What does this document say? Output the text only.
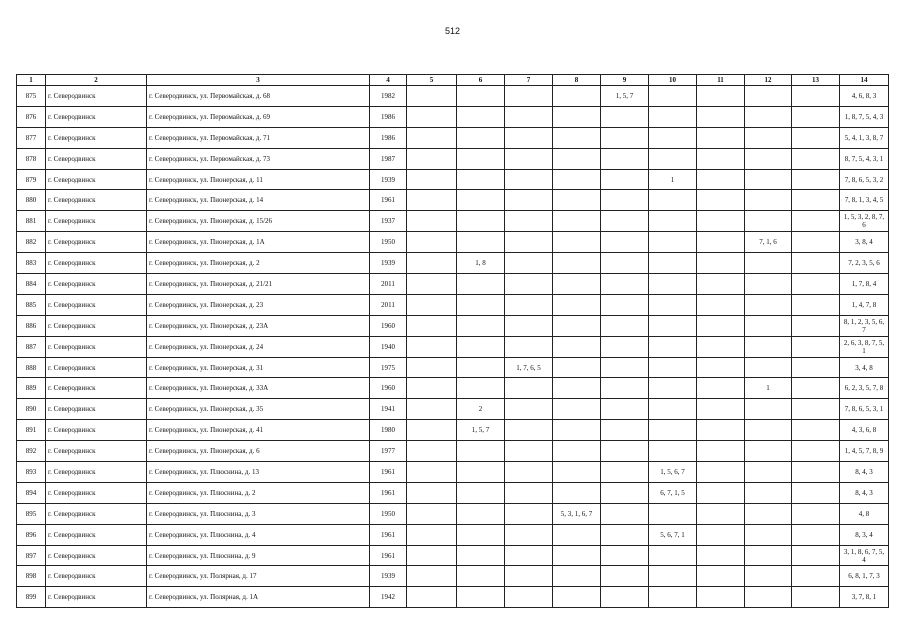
512
1	2	3	4	5	6	7	8	9	10	11	12	13	14
875	г. Северодвинск	г. Северодвинск, ул. Первомайская, д. 68	1982					1, 5, 7					4, 6, 8, 3
876	г. Северодвинск	г. Северодвинск, ул. Первомайская, д. 69	1986										1, 8, 7, 5, 4, 3
877	г. Северодвинск	г. Северодвинск, ул. Первомайская, д. 71	1986										5, 4, 1, 3, 8, 7
878	г. Северодвинск	г. Северодвинск, ул. Первомайская, д. 73	1987										8, 7, 5, 4, 3, 1
879	г. Северодвинск	г. Северодвинск, ул. Пионерская, д. 11	1939						1				7, 8, 6, 5, 3, 2
880	г. Северодвинск	г. Северодвинск, ул. Пионерская, д. 14	1961										7, 8, 1, 3, 4, 5
881	г. Северодвинск	г. Северодвинск, ул. Пионерская, д. 15/26	1937										1, 5, 3, 2, 8, 7, 6
882	г. Северодвинск	г. Северодвинск, ул. Пионерская, д. 1А	1950								7, 1, 6		3, 8, 4
883	г. Северодвинск	г. Северодвинск, ул. Пионерская, д. 2	1939		1, 8								7, 2, 3, 5, 6
884	г. Северодвинск	г. Северодвинск, ул. Пионерская, д. 21/21	2011										1, 7, 8, 4
885	г. Северодвинск	г. Северодвинск, ул. Пионерская, д. 23	2011										1, 4, 7, 8
886	г. Северодвинск	г. Северодвинск, ул. Пионерская, д. 23А	1960										8, 1, 2, 3, 5, 6, 7
887	г. Северодвинск	г. Северодвинск, ул. Пионерская, д. 24	1940										2, 6, 3, 8, 7, 5, 1
888	г. Северодвинск	г. Северодвинск, ул. Пионерская, д. 31	1975			1, 7, 6, 5							3, 4, 8
889	г. Северодвинск	г. Северодвинск, ул. Пионерская, д. 33А	1960								1		6, 2, 3, 5, 7, 8
890	г. Северодвинск	г. Северодвинск, ул. Пионерская, д. 35	1941		2								7, 8, 6, 5, 3, 1
891	г. Северодвинск	г. Северодвинск, ул. Пионерская, д. 41	1980		1, 5, 7								4, 3, 6, 8
892	г. Северодвинск	г. Северодвинск, ул. Пионерская, д. 6	1977										1, 4, 5, 7, 8, 9
893	г. Северодвинск	г. Северодвинск, ул. Плюснина, д. 13	1961						1, 5, 6, 7				8, 4, 3
894	г. Северодвинск	г. Северодвинск, ул. Плюснина, д. 2	1961						6, 7, 1, 5				8, 4, 3
895	г. Северодвинск	г. Северодвинск, ул. Плюснина, д. 3	1950				5, 3, 1, 6, 7						4, 8
896	г. Северодвинск	г. Северодвинск, ул. Плюснина, д. 4	1961						5, 6, 7, 1				8, 3, 4
897	г. Северодвинск	г. Северодвинск, ул. Плюснина, д. 9	1961										3, 1, 8, 6, 7, 5, 4
898	г. Северодвинск	г. Северодвинск, ул. Полярная, д. 17	1939										6, 8, 1, 7, 3
899	г. Северодвинск	г. Северодвинск, ул. Полярная, д. 1А	1942										3, 7, 8, 1
